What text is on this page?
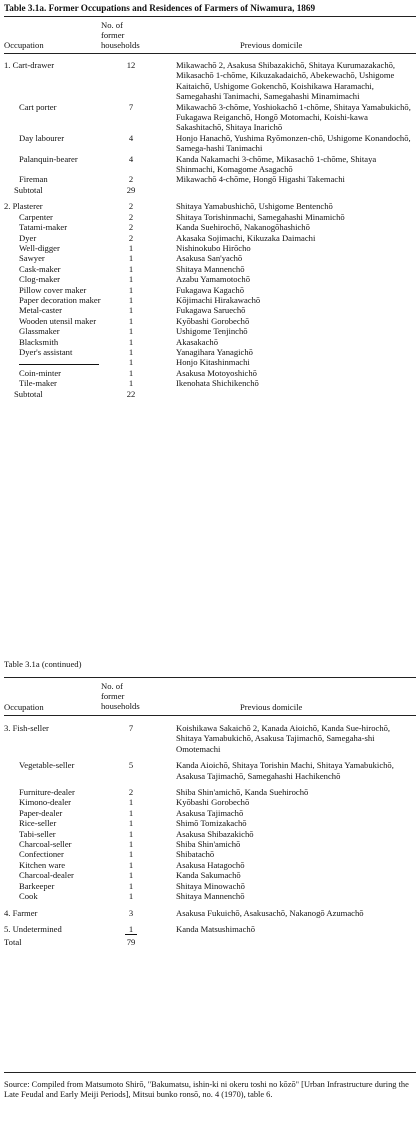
Table 3.1a. Former Occupations and Residences of Farmers of Niwamura, 1869
No. of
former
households
Occupation	Previous domicile
1. Cart-drawer	12	Mikawachō 2, Asakusa Shibazakichō, Shitaya Kurumazakachō, Mikasachō 1-chōme, Kikuzakadaichō, Abekewachō, Ushigome Kaitaichō, Ushigome Gokenchō, Koishikawa Haramachi, Samegahashi Tanimachi, Samegahashi Minamimachi

Cart porter	7	Mikawachō 3-chōme, Yoshiokachō 1-chōme, Shitaya Yamabukichō, Fukagawa Reiganchō, Hongō Motomachi, Koishi-kawa Sakashitachō, Shitaya Inarichō

Day labourer	4	Honjo Hanachō, Yushima Ryōmonzen-chō, Ushigome Konandochō, Samega-hashi Tanimachi

Palanquin-bearer	4	Kanda Nakamachi 3-chōme, Mikasachō 1-chōme, Shitaya Shinmachi, Komagome Asagachō

Fireman	2	Mikawachō 4-chōme, Hongō Higashi Takemachi

Subtotal	29	

2. Plasterer	2	Shitaya Yamabushichō, Ushigome Bentenchō

Carpenter	2	Shitaya Torishinmachi, Samegahashi Minamichō

Tatami-maker	2	Kanda Suehirochō, Nakanogōhashichō

Dyer	2	Akasaka Sojimachi, Kikuzaka Daimachi

Well-digger	1	Nishinokubo Hirōcho

Sawyer	1	Asakusa San'yachō

Cask-maker	1	Shitaya Mannenchō

Clog-maker	1	Azabu Yamamotochō

Pillow cover maker	1	Fukagawa Kagachō

Paper decoration maker	1	Kōjimachi Hirakawachō

Metal-caster	1	Fukagawa Saruechō

Wooden utensil maker	1	Kyōbashi Gorobechō

Glassmaker	1	Ushigome Tenjinchō

Blacksmith	1	Akasakachō

Dyer's assistant	1	Yanagihara Yanagichō

	1	Honjo Kitashinmachi

Coin-minter	1	Asakusa Motoyoshichō

Tile-maker	1	Ikenohata Shichikenchō

Subtotal	22	
Table 3.1a (continued)
No. of
former
households
Occupation	Previous domicile
3. Fish-seller	7	Koishikawa Sakaichō 2, Kanada Aioichō, Kanda Sue-hirochō, Shitaya Yamabukichō, Asakusa Tajimachō, Samegaha-shi Omotemachi

Vegetable-seller	5	Kanda Aioichō, Shitaya Torishin Machi, Shitaya Yamabukichō, Asakusa Tajimachō, Samegahashi Hachikenchō

Furniture-dealer	2	Shiba Shin'amichō, Kanda Suehirochō

Kimono-dealer	1	Kyōbashi Gorobechō

Paper-dealer	1	Asakusa Tajimachō

Rice-seller	1	Shimō Tomizakachō

Tabi-seller	1	Asakusa Shibazakichō

Charcoal-seller	1	Shiba Shin'amichō

Confectioner	1	Shibatachō

Kitchen ware	1	Asakusa Hatagochō

Charcoal-dealer	1	Kanda Sakumachō

Barkeeper	1	Shitaya Minowachō

Cook	1	Shitaya Mannenchō

4. Farmer	3	Asakusa Fukuichō, Asakusachō, Nakanogō Azumachō

5. Undetermined	1	Kanda Matsushimachō

Total	79	
Source: Compiled from Matsumoto Shirō, "Bakumatsu, ishin-ki ni okeru toshi no kōzō" [Urban Infrastructure during the Late Feudal and Early Meiji Periods], Mitsui bunko ronsō, no. 4 (1970), table 6.
